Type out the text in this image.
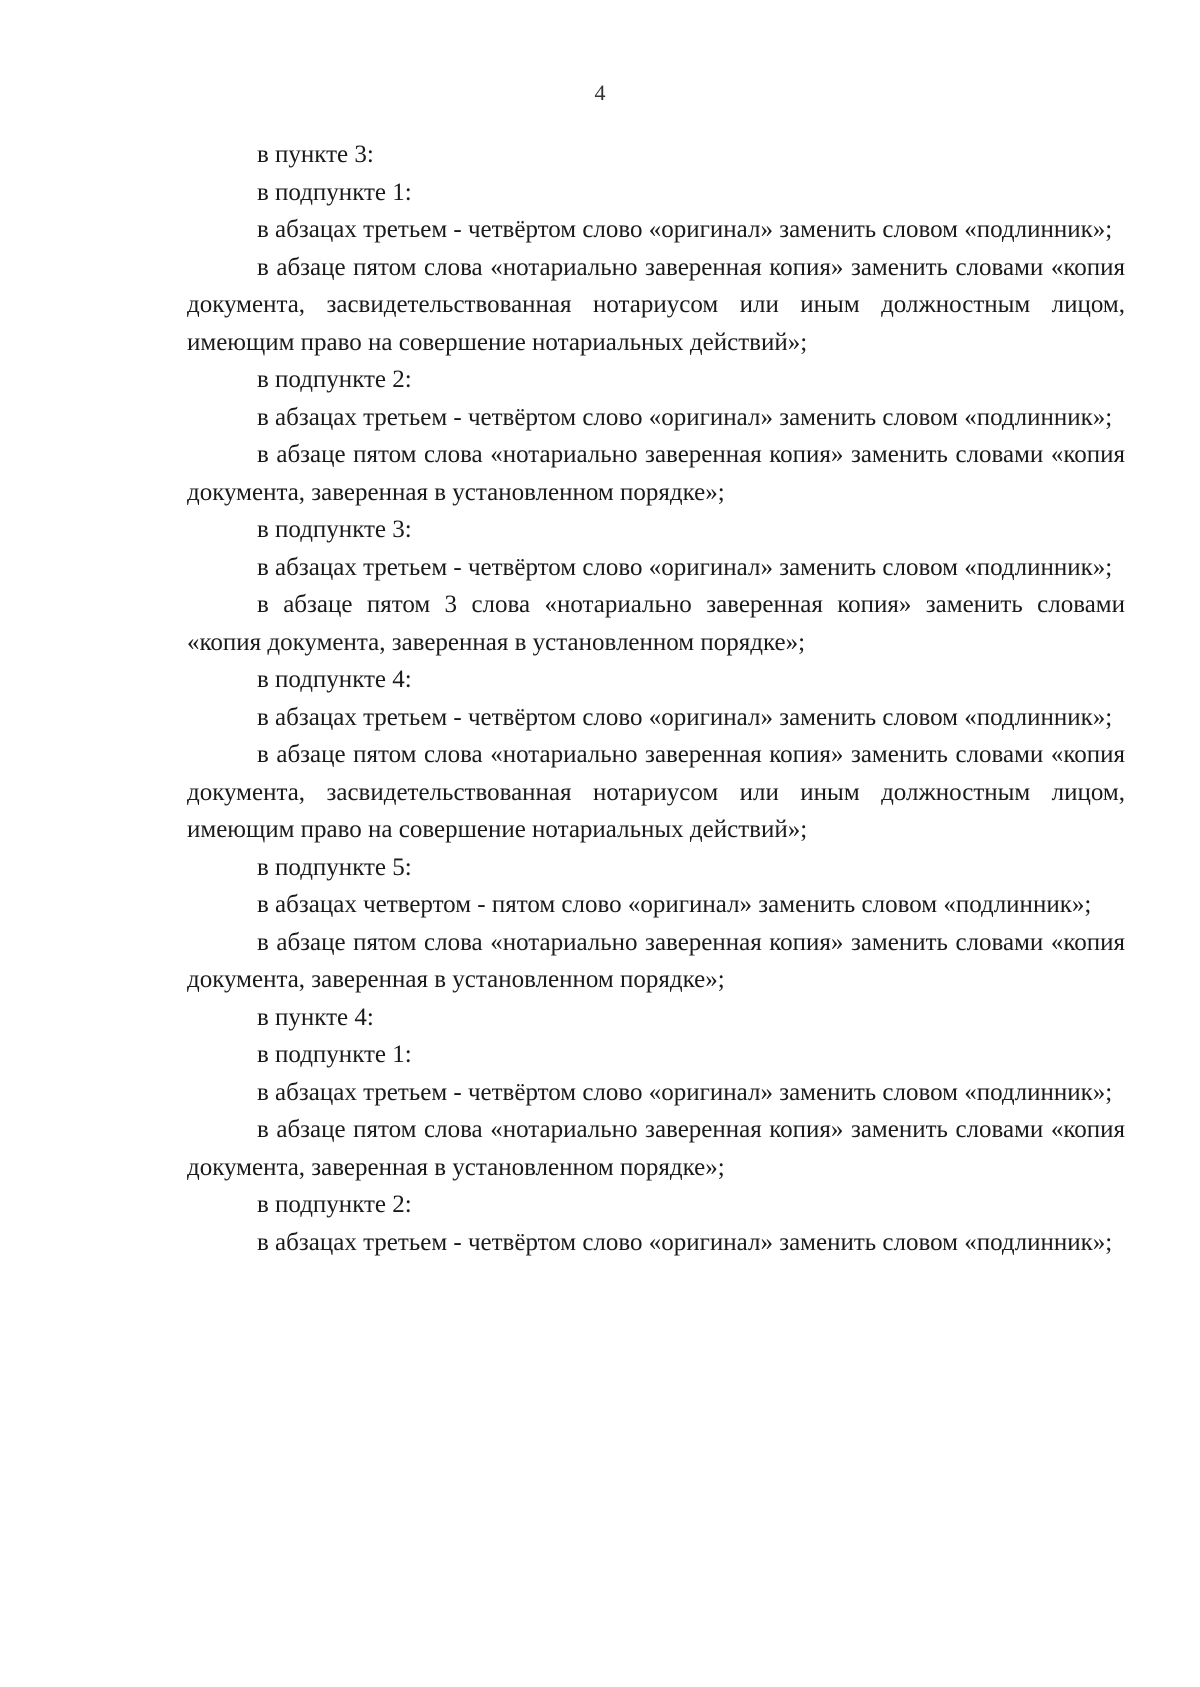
4

в пункте 3:

в подпункте 1:

в абзацах третьем - четвёртом слово «оригинал» заменить словом «подлинник»;

в абзаце пятом слова «нотариально заверенная копия» заменить словами «копия документа, засвидетельствованная нотариусом или иным должностным лицом, имеющим право на совершение нотариальных действий»;

в подпункте 2:

в абзацах третьем - четвёртом слово «оригинал» заменить словом «подлинник»;

в абзаце пятом слова «нотариально заверенная копия» заменить словами «копия документа, заверенная в установленном порядке»;

в подпункте 3:

в абзацах третьем - четвёртом слово «оригинал» заменить словом «подлинник»;

в абзаце пятом 3 слова «нотариально заверенная копия» заменить словами «копия документа, заверенная в установленном порядке»;

в подпункте 4:

в абзацах третьем - четвёртом слово «оригинал» заменить словом «подлинник»;

в абзаце пятом слова «нотариально заверенная копия» заменить словами «копия документа, засвидетельствованная нотариусом или иным должностным лицом, имеющим право на совершение нотариальных действий»;

в подпункте 5:

в абзацах четвертом - пятом слово «оригинал» заменить словом «подлинник»;

в абзаце пятом слова «нотариально заверенная копия» заменить словами «копия документа, заверенная в установленном порядке»;

в пункте 4:

в подпункте 1:

в абзацах третьем - четвёртом слово «оригинал» заменить словом «подлинник»;

в абзаце пятом слова «нотариально заверенная копия» заменить словами «копия документа, заверенная в установленном порядке»;

в подпункте 2:

в абзацах третьем - четвёртом слово «оригинал» заменить словом «подлинник»;
